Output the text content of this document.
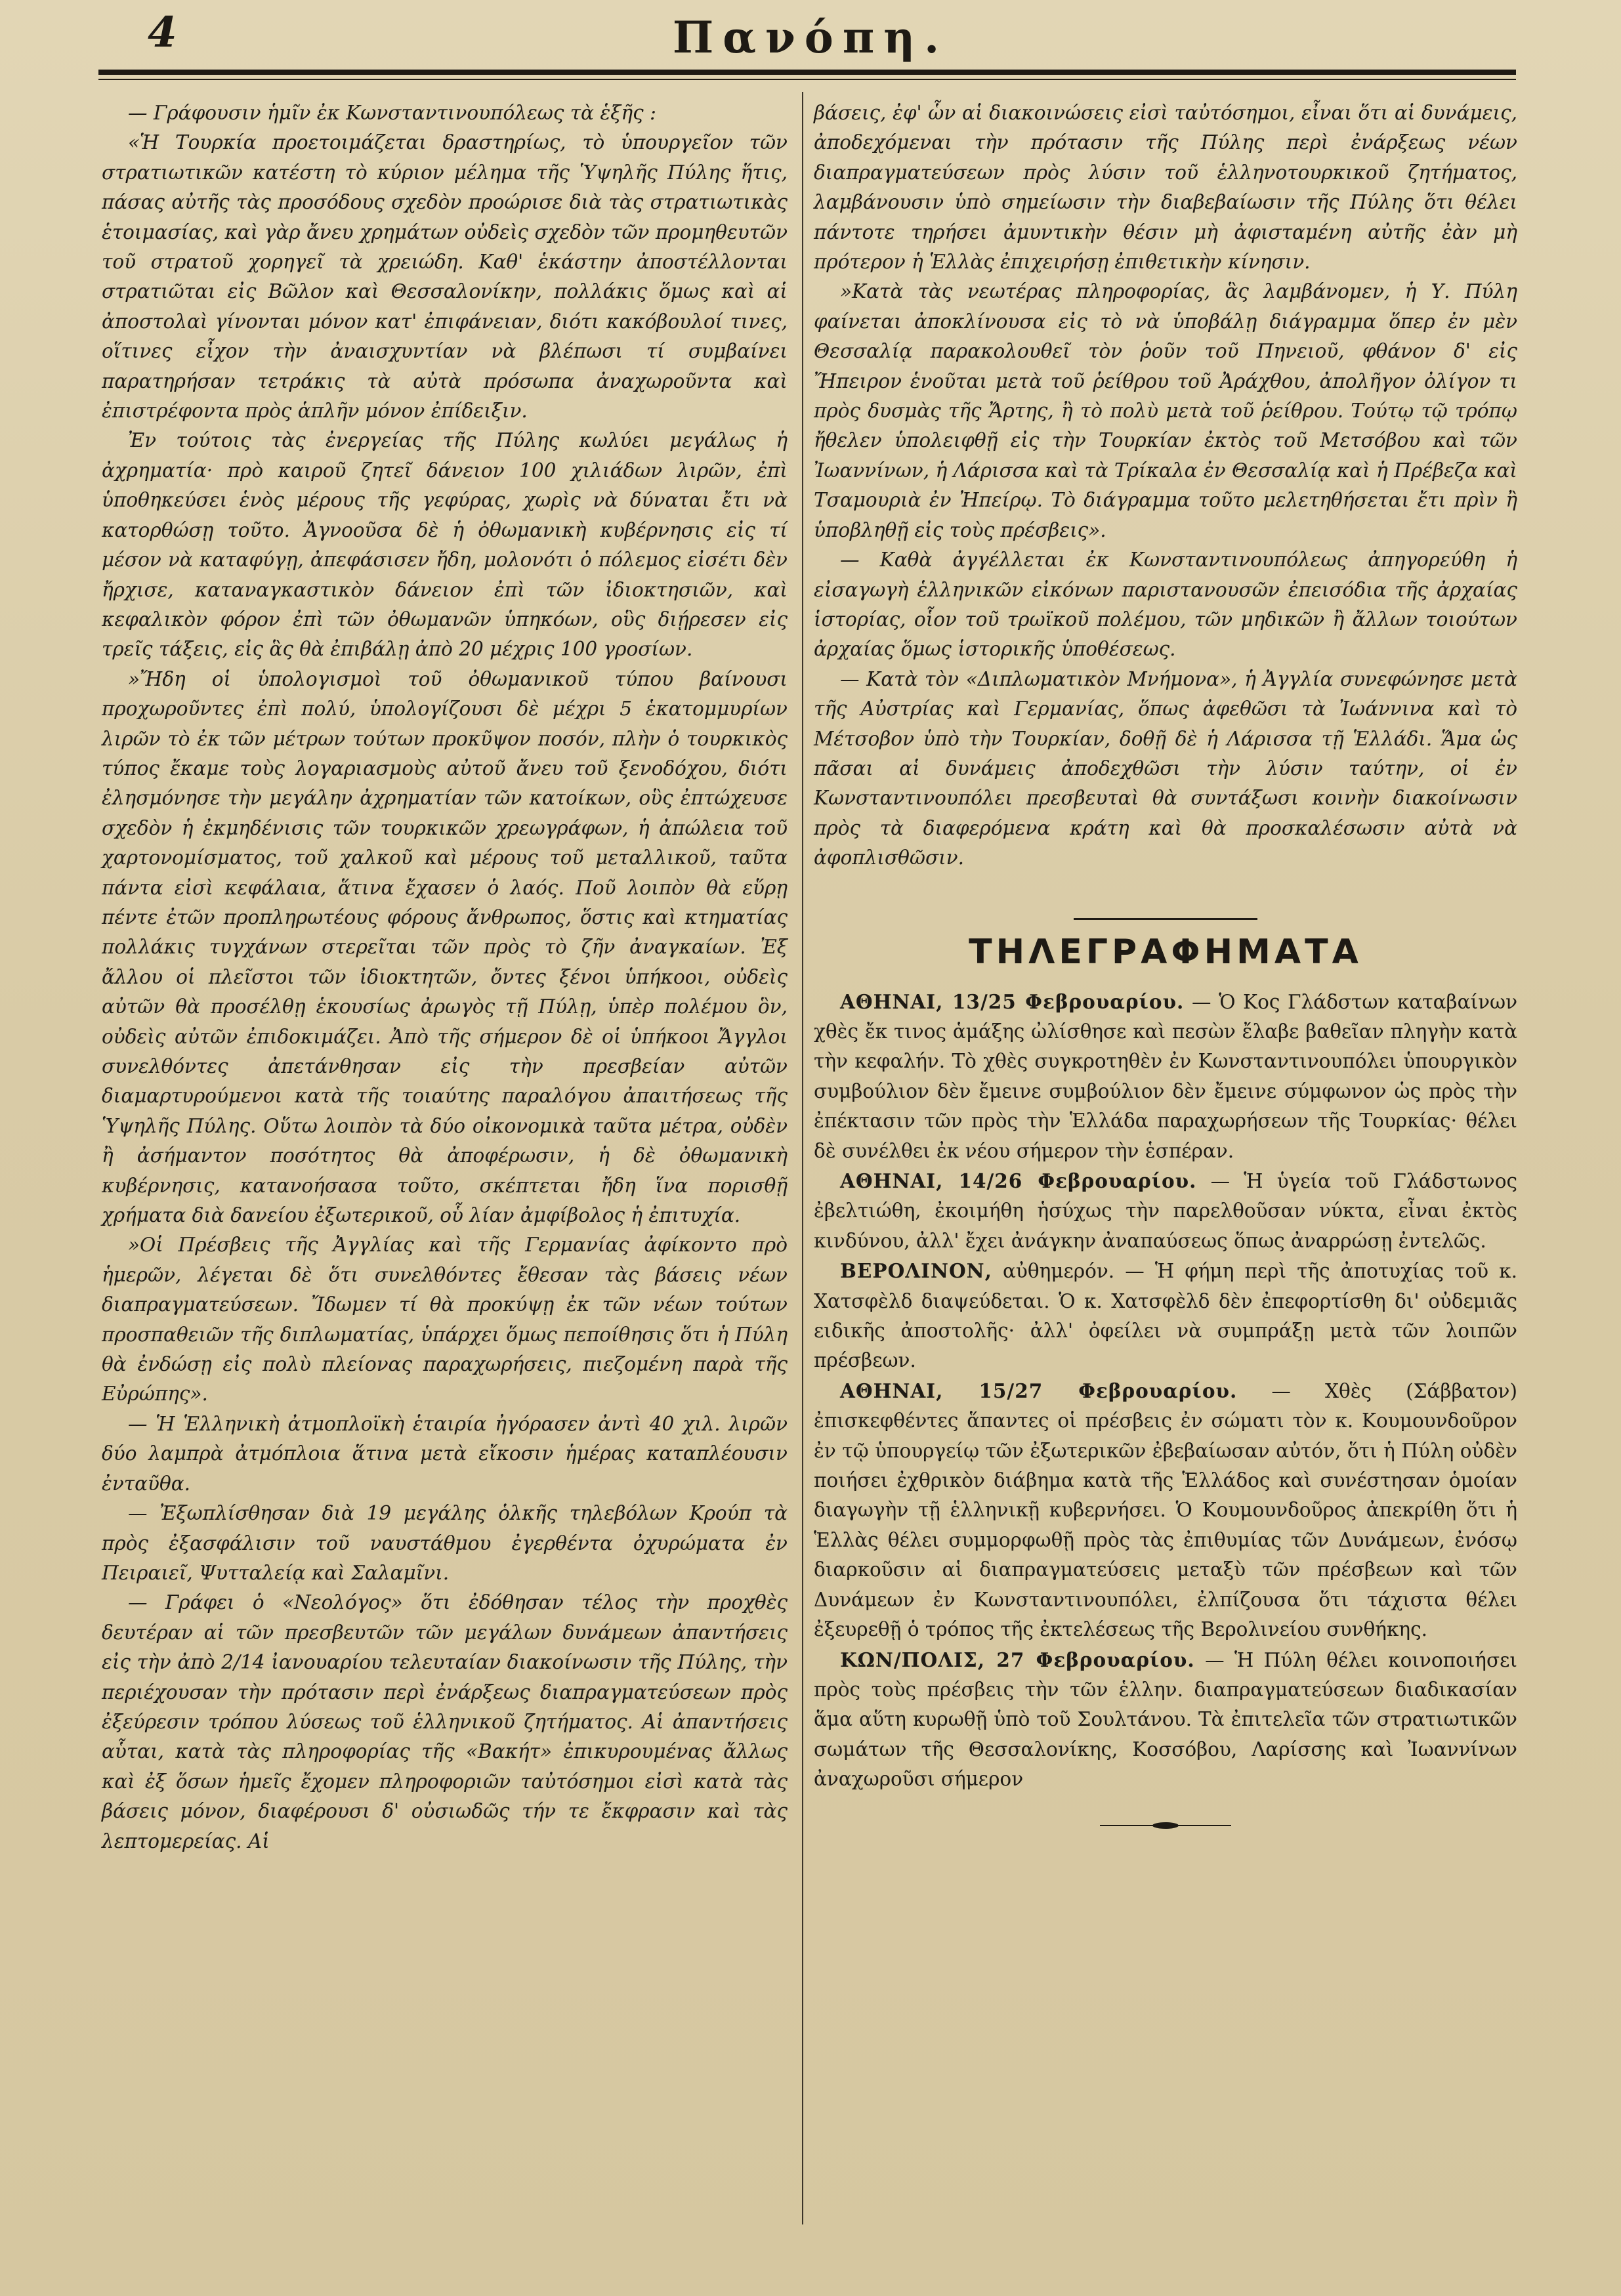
4	Πανόπη.

— Γράφουσιν ἡμῖν ἐκ Κωνσταντινουπόλεως τὰ ἑξῆς :

«Ἡ Τουρκία προετοιμάζεται δραστηρίως, τὸ ὑπουργεῖον τῶν στρατιωτικῶν κατέστη τὸ κύριον μέλημα τῆς Ὑψηλῆς Πύλης ἥτις, πάσας αὐτῆς τὰς προσόδους σχεδὸν προώρισε διὰ τὰς στρατιωτικὰς ἑτοιμασίας, καὶ γὰρ ἄνευ χρημάτων οὐδεὶς σχεδὸν τῶν προμηθευτῶν τοῦ στρατοῦ χορηγεῖ τὰ χρειώδη. Καθ' ἑκάστην ἀποστέλλονται στρατιῶται εἰς Βῶλον καὶ Θεσσαλονίκην, πολλάκις ὅμως καὶ αἱ ἀποστολαὶ γίνονται μόνον κατ' ἐπιφάνειαν, διότι κακόβουλοί τινες, οἵτινες εἶχον τὴν ἀναισχυντίαν νὰ βλέπωσι τί συμβαίνει παρατηρήσαν τετράκις τὰ αὐτὰ πρόσωπα ἀναχωροῦντα καὶ ἐπιστρέφοντα πρὸς ἁπλῆν μόνον ἐπίδειξιν.

Ἐν τούτοις τὰς ἐνεργείας τῆς Πύλης κωλύει μεγάλως ἡ ἀχρηματία· πρὸ καιροῦ ζητεῖ δάνειον 100 χιλιάδων λιρῶν, ἐπὶ ὑποθηκεύσει ἑνὸς μέρους τῆς γεφύρας, χωρὶς νὰ δύναται ἔτι νὰ κατορθώσῃ τοῦτο. Ἀγνοοῦσα δὲ ἡ ὀθωμανικὴ κυβέρνησις εἰς τί μέσον νὰ καταφύγῃ, ἀπεφάσισεν ἤδη, μολονότι ὁ πόλεμος εἰσέτι δὲν ἤρχισε, καταναγκαστικὸν δάνειον ἐπὶ τῶν ἰδιοκτησιῶν, καὶ κεφαλικὸν φόρον ἐπὶ τῶν ὀθωμανῶν ὑπηκόων, οὓς διῄρεσεν εἰς τρεῖς τάξεις, εἰς ἃς θὰ ἐπιβάλῃ ἀπὸ 20 μέχρις 100 γροσίων.

»Ἤδη οἱ ὑπολογισμοὶ τοῦ ὀθωμανικοῦ τύπου βαίνουσι προχωροῦντες ἐπὶ πολύ, ὑπολογίζουσι δὲ μέχρι 5 ἑκατομμυρίων λιρῶν τὸ ἐκ τῶν μέτρων τούτων προκῦψον ποσόν, πλὴν ὁ τουρκικὸς τύπος ἔκαμε τοὺς λογαριασμοὺς αὐτοῦ ἄνευ τοῦ ξενοδόχου, διότι ἐλησμόνησε τὴν μεγάλην ἀχρηματίαν τῶν κατοίκων, οὓς ἐπτώχευσε σχεδὸν ἡ ἐκμηδένισις τῶν τουρκικῶν χρεωγράφων, ἡ ἀπώλεια τοῦ χαρτονομίσματος, τοῦ χαλκοῦ καὶ μέρους τοῦ μεταλλικοῦ, ταῦτα πάντα εἰσὶ κεφάλαια, ἅτινα ἔχασεν ὁ λαός. Ποῦ λοιπὸν θὰ εὕρῃ πέντε ἐτῶν προπληρωτέους φόρους ἄνθρωπος, ὅστις καὶ κτηματίας πολλάκις τυγχάνων στερεῖται τῶν πρὸς τὸ ζῆν ἀναγκαίων. Ἐξ ἄλλου οἱ πλεῖστοι τῶν ἰδιοκτητῶν, ὄντες ξένοι ὑπήκοοι, οὐδεὶς αὐτῶν θὰ προσέλθῃ ἑκουσίως ἀρωγὸς τῇ Πύλῃ, ὑπὲρ πολέμου ὃν, οὐδεὶς αὐτῶν ἐπιδοκιμάζει. Ἀπὸ τῆς σήμερον δὲ οἱ ὑπήκοοι Ἄγγλοι συνελθόντες ἀπετάνθησαν εἰς τὴν πρεσβείαν αὐτῶν διαμαρτυρούμενοι κατὰ τῆς τοιαύτης παραλόγου ἀπαιτήσεως τῆς Ὑψηλῆς Πύλης. Οὕτω λοιπὸν τὰ δύο οἰκονομικὰ ταῦτα μέτρα, οὐδὲν ἢ ἀσήμαντον ποσότητος θὰ ἀποφέρωσιν, ἡ δὲ ὀθωμανικὴ κυβέρνησις, κατανοήσασα τοῦτο, σκέπτεται ἤδη ἵνα πορισθῇ χρήματα διὰ δανείου ἐξωτερικοῦ, οὗ λίαν ἀμφίβολος ἡ ἐπιτυχία.

»Οἱ Πρέσβεις τῆς Ἀγγλίας καὶ τῆς Γερμανίας ἀφίκοντο πρὸ ἡμερῶν, λέγεται δὲ ὅτι συνελθόντες ἔθεσαν τὰς βάσεις νέων διαπραγματεύσεων. Ἴδωμεν τί θὰ προκύψῃ ἐκ τῶν νέων τούτων προσπαθειῶν τῆς διπλωματίας, ὑπάρχει ὅμως πεποίθησις ὅτι ἡ Πύλη θὰ ἐνδώσῃ εἰς πολὺ πλείονας παραχωρήσεις, πιεζομένη παρὰ τῆς Εὐρώπης».

— Ἡ Ἑλληνικὴ ἀτμοπλοϊκὴ ἑταιρία ἠγόρασεν ἀντὶ 40 χιλ. λιρῶν δύο λαμπρὰ ἀτμόπλοια ἅτινα μετὰ εἴκοσιν ἡμέρας καταπλέουσιν ἐνταῦθα.

— Ἐξωπλίσθησαν διὰ 19 μεγάλης ὁλκῆς τηλεβόλων Κρούπ τὰ πρὸς ἐξασφάλισιν τοῦ ναυστάθμου ἐγερθέντα ὀχυρώματα ἐν Πειραιεῖ, Ψυτταλείᾳ καὶ Σαλαμῖνι.

— Γράφει ὁ «Νεολόγος» ὅτι ἐδόθησαν τέλος τὴν προχθὲς δευτέραν αἱ τῶν πρεσβευτῶν τῶν μεγάλων δυνάμεων ἀπαντήσεις εἰς τὴν ἀπὸ 2/14 ἰανουαρίου τελευταίαν διακοίνωσιν τῆς Πύλης, τὴν περιέχουσαν τὴν πρότασιν περὶ ἐνάρξεως διαπραγματεύσεων πρὸς ἐξεύρεσιν τρόπου λύσεως τοῦ ἑλληνικοῦ ζητήματος. Αἱ ἀπαντήσεις αὗται, κατὰ τὰς πληροφορίας τῆς «Βακήτ» ἐπικυρουμένας ἄλλως καὶ ἐξ ὅσων ἡμεῖς ἔχομεν πληροφοριῶν ταὐτόσημοι εἰσὶ κατὰ τὰς βάσεις μόνον, διαφέρουσι δ' οὐσιωδῶς τήν τε ἔκφρασιν καὶ τὰς λεπτομερείας. Αἱ

βάσεις, ἐφ' ὧν αἱ διακοινώσεις εἰσὶ ταὐτόσημοι, εἶναι ὅτι αἱ δυνάμεις, ἀποδεχόμεναι τὴν πρότασιν τῆς Πύλης περὶ ἐνάρξεως νέων διαπραγματεύσεων πρὸς λύσιν τοῦ ἑλληνοτουρκικοῦ ζητήματος, λαμβάνουσιν ὑπὸ σημείωσιν τὴν διαβεβαίωσιν τῆς Πύλης ὅτι θέλει πάντοτε τηρήσει ἀμυντικὴν θέσιν μὴ ἀφισταμένη αὐτῆς ἐὰν μὴ πρότερον ἡ Ἑλλὰς ἐπιχειρήσῃ ἐπιθετικὴν κίνησιν.

»Κατὰ τὰς νεωτέρας πληροφορίας, ἃς λαμβάνομεν, ἡ Υ. Πύλη φαίνεται ἀποκλίνουσα εἰς τὸ νὰ ὑποβάλῃ διάγραμμα ὅπερ ἐν μὲν Θεσσαλίᾳ παρακολουθεῖ τὸν ῥοῦν τοῦ Πηνειοῦ, φθάνον δ' εἰς Ἤπειρον ἑνοῦται μετὰ τοῦ ῥείθρου τοῦ Ἀράχθου, ἀπολῆγον ὀλίγον τι πρὸς δυσμὰς τῆς Ἄρτης, ἢ τὸ πολὺ μετὰ τοῦ ῥείθρου. Τούτῳ τῷ τρόπῳ ἤθελεν ὑπολειφθῇ εἰς τὴν Τουρκίαν ἐκτὸς τοῦ Μετσόβου καὶ τῶν Ἰωαννίνων, ἡ Λάρισσα καὶ τὰ Τρίκαλα ἐν Θεσσαλίᾳ καὶ ἡ Πρέβεζα καὶ Τσαμουριὰ ἐν Ἠπείρῳ. Τὸ διάγραμμα τοῦτο μελετηθήσεται ἔτι πρὶν ἢ ὑποβληθῇ εἰς τοὺς πρέσβεις».

— Καθὰ ἀγγέλλεται ἐκ Κωνσταντινουπόλεως ἀπηγορεύθη ἡ εἰσαγωγὴ ἑλληνικῶν εἰκόνων παριστανουσῶν ἐπεισόδια τῆς ἀρχαίας ἱστορίας, οἷον τοῦ τρωϊκοῦ πολέμου, τῶν μηδικῶν ἢ ἄλλων τοιούτων ἀρχαίας ὅμως ἱστορικῆς ὑποθέσεως.

— Κατὰ τὸν «Διπλωματικὸν Μνήμονα», ἡ Ἀγγλία συνεφώνησε μετὰ τῆς Αὐστρίας καὶ Γερμανίας, ὅπως ἀφεθῶσι τὰ Ἰωάννινα καὶ τὸ Μέτσοβον ὑπὸ τὴν Τουρκίαν, δοθῇ δὲ ἡ Λάρισσα τῇ Ἑλλάδι. Ἅμα ὡς πᾶσαι αἱ δυνάμεις ἀποδεχθῶσι τὴν λύσιν ταύτην, οἱ ἐν Κωνσταντινουπόλει πρεσβευταὶ θὰ συντάξωσι κοινὴν διακοίνωσιν πρὸς τὰ διαφερόμενα κράτη καὶ θὰ προσκαλέσωσιν αὐτὰ νὰ ἀφοπλισθῶσιν.

ΤΗΛΕΓΡΑΦΗΜΑΤΑ

ΑΘΗΝΑΙ, 13/25 Φεβρουαρίου. — Ὁ Κος Γλάδστων καταβαίνων χθὲς ἔκ τινος ἁμάξης ὠλίσθησε καὶ πεσὼν ἔλαβε βαθεῖαν πληγὴν κατὰ τὴν κεφαλήν. Τὸ χθὲς συγκροτηθὲν ἐν Κωνσταντινουπόλει ὑπουργικὸν συμβούλιον δὲν ἔμεινε συμβούλιον δὲν ἔμεινε σύμφωνον ὡς πρὸς τὴν ἐπέκτασιν τῶν πρὸς τὴν Ἑλλάδα παραχωρήσεων τῆς Τουρκίας· θέλει δὲ συνέλθει ἐκ νέου σήμερον τὴν ἑσπέραν.

ΑΘΗΝΑΙ, 14/26 Φεβρουαρίου. — Ἡ ὑγεία τοῦ Γλάδστωνος ἐβελτιώθη, ἐκοιμήθη ἡσύχως τὴν παρελθοῦσαν νύκτα, εἶναι ἐκτὸς κινδύνου, ἀλλ' ἔχει ἀνάγκην ἀναπαύσεως ὅπως ἀναρρώσῃ ἐντελῶς.

ΒΕΡΟΛΙΝΟΝ, αὐθημερόν. — Ἡ φήμη περὶ τῆς ἀποτυχίας τοῦ κ. Χατσφὲλδ διαψεύδεται. Ὁ κ. Χατσφὲλδ δὲν ἐπεφορτίσθη δι' οὐδεμιᾶς ειδικῆς ἀποστολῆς· ἀλλ' ὀφείλει νὰ συμπράξῃ μετὰ τῶν λοιπῶν πρέσβεων.

ΑΘΗΝΑΙ, 15/27 Φεβρουαρίου. — Χθὲς (Σάββατον) ἐπισκεφθέντες ἅπαντες οἱ πρέσβεις ἐν σώματι τὸν κ. Κουμουνδοῦρον ἐν τῷ ὑπουργείῳ τῶν ἐξωτερικῶν ἐβεβαίωσαν αὐτόν, ὅτι ἡ Πύλη οὐδὲν ποιήσει ἐχθρικὸν διάβημα κατὰ τῆς Ἑλλάδος καὶ συνέστησαν ὁμοίαν διαγωγὴν τῇ ἑλληνικῇ κυβερνήσει. Ὁ Κουμουνδοῦρος ἀπεκρίθη ὅτι ἡ Ἑλλὰς θέλει συμμορφωθῇ πρὸς τὰς ἐπιθυμίας τῶν Δυνάμεων, ἐνόσῳ διαρκοῦσιν αἱ διαπραγματεύσεις μεταξὺ τῶν πρέσβεων καὶ τῶν Δυνάμεων ἐν Κωνσταντινουπόλει, ἐλπίζουσα ὅτι τάχιστα θέλει ἐξευρεθῇ ὁ τρόπος τῆς ἐκτελέσεως τῆς Βερολινείου συνθήκης.

ΚΩΝ/ΠΟΛΙΣ, 27 Φεβρουαρίου. — Ἡ Πύλη θέλει κοινοποιήσει πρὸς τοὺς πρέσβεις τὴν τῶν ἑλλην. διαπραγματεύσεων διαδικασίαν ἅμα αὕτη κυρωθῇ ὑπὸ τοῦ Σουλτάνου. Τὰ ἐπιτελεῖα τῶν στρατιωτικῶν σωμάτων τῆς Θεσσαλονίκης, Κοσσόβου, Λαρίσσης καὶ Ἰωαννίνων ἀναχωροῦσι σήμερον
